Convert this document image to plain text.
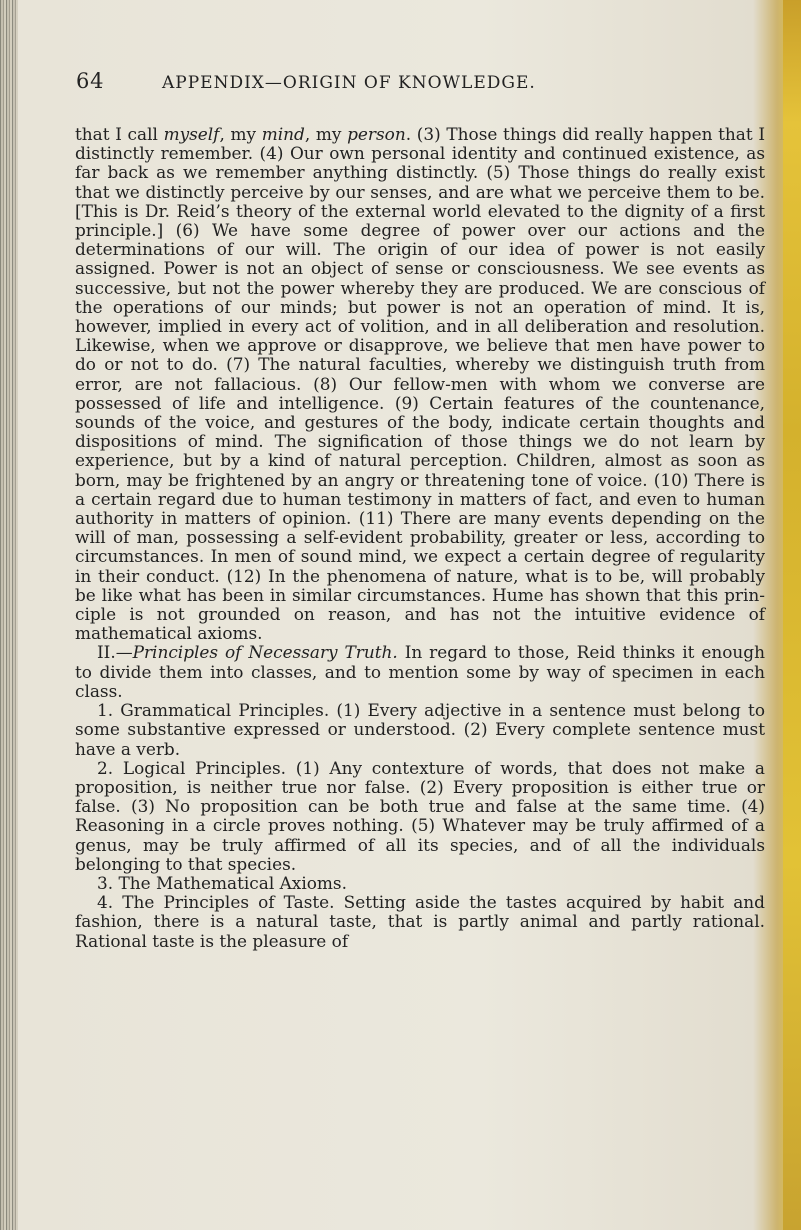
64	APPENDIX—ORIGIN OF KNOWLEDGE.

that I call myself, my mind, my person. (3) Those things did really happen that I distinctly remember. (4) Our own personal identity and continued existence, as far back as we remember anything distinctly. (5) Those things do really exist that we distinctly perceive by our senses, and are what we perceive them to be. [This is Dr. Reid’s theory of the external world elevated to the dignity of a first principle.] (6) We have some degree of power over our actions and the determinations of our will. The origin of our idea of power is not easily assigned. Power is not an object of sense or consciousness. We see events as successive, but not the power whereby they are produced. We are conscious of the operations of our minds; but power is not an operation of mind. It is, however, implied in every act of volition, and in all deliberation and resolution. Likewise, when we approve or disapprove, we believe that men have power to do or not to do. (7) The natural faculties, whereby we distinguish truth from error, are not fallacious. (8) Our fellow-men with whom we converse are possessed of life and intelligence. (9) Certain features of the countenance, sounds of the voice, and gestures of the body, indicate certain thoughts and dispositions of mind. The signification of those things we do not learn by experience, but by a kind of natural perception. Children, almost as soon as born, may be frightened by an angry or threatening tone of voice. (10) There is a certain regard due to human testimony in matters of fact, and even to human authority in matters of opinion. (11) There are many events depending on the will of man, possessing a self-evident probability, greater or less, according to circumstances. In men of sound mind, we expect a certain degree of regularity in their conduct. (12) In the phenomena of nature, what is to be, will probably be like what has been in similar circumstances. Hume has shown that this principle is not grounded on reason, and has not the intuitive evidence of mathematical axioms.

II.—Principles of Necessary Truth. In regard to those, Reid thinks it enough to divide them into classes, and to mention some by way of specimen in each class.

1. Grammatical Principles. (1) Every adjective in a sentence must belong to some substantive expressed or understood. (2) Every complete sentence must have a verb.

2. Logical Principles. (1) Any contexture of words, that does not make a proposition, is neither true nor false. (2) Every proposition is either true or false. (3) No proposition can be both true and false at the same time. (4) Reasoning in a circle proves nothing. (5) Whatever may be truly affirmed of a genus, may be truly affirmed of all its species, and of all the individuals belonging to that species.

3. The Mathematical Axioms.

4. The Principles of Taste. Setting aside the tastes acquired by habit and fashion, there is a natural taste, that is partly animal and partly rational. Rational taste is the pleasure of
